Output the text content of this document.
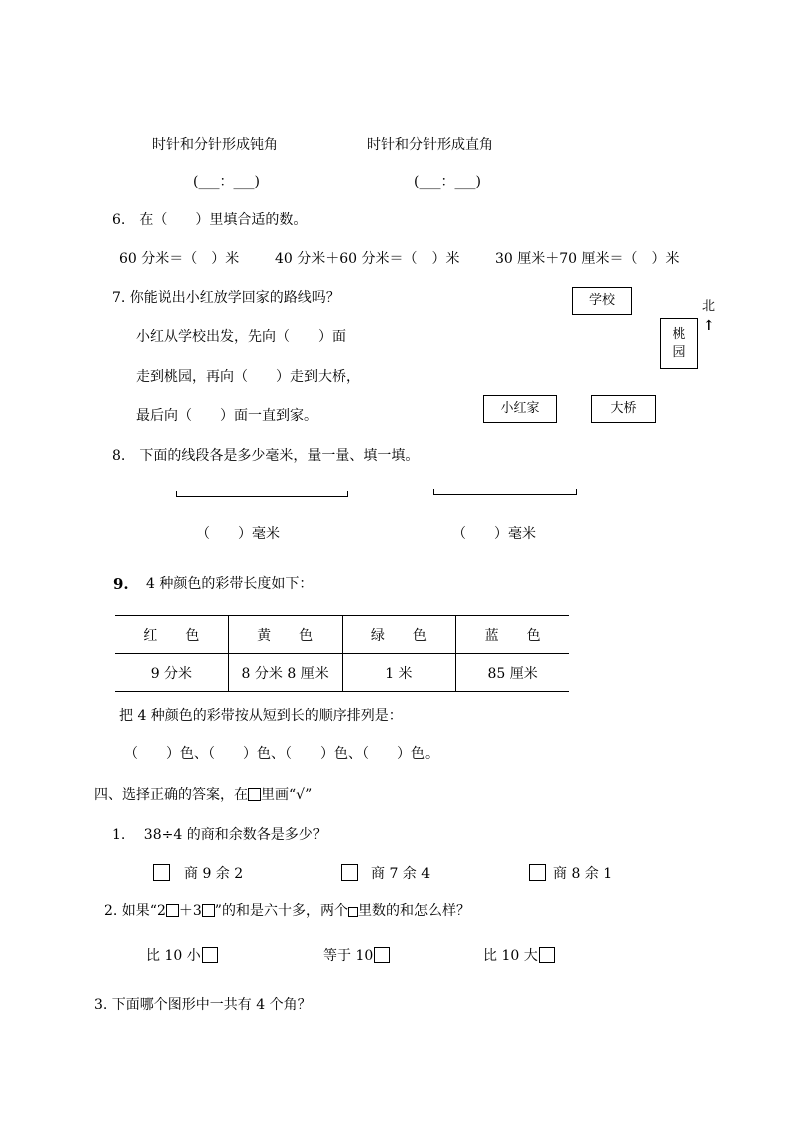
时针和分针形成钝角	时针和分针形成直角
(___：___)	(___：___)
6.　在（　　）里填合适的数。
60 分米＝（　）米	40 分米＋60 分米＝（　）米	30 厘米＋70 厘米＝（　）米
7. 你能说出小红放学回家的路线吗？
小红从学校出发，先向（　　）面
走到桃园，再向（　　）走到大桥，
最后向（　　）面一直到家。
学校
桃
园
小红家	大桥
北
↑
8.　下面的线段各是多少毫米，量一量、填一填。
（　　）毫米	（　　）毫米
9. 4 种颜色的彩带长度如下：
红　　色	黄　　色	绿　　色	蓝　　色
9 分米	8 分米 8 厘米	1 米	85 厘米
把 4 种颜色的彩带按从短到长的顺序排列是：
（　　）色、（　　）色、（　　）色、（　　）色。
四、选择正确的答案，在 里画“√”
1.　 38÷4 的商和余数各是多少？
商 9 余 2	商 7 余 4	商 8 余 1
2. 如果“2 ＋3 ”的和是六十多，两个 里数的和怎么样？
比 10 小	等于 10	比 10 大
3. 下面哪个图形中一共有 4 个角？
